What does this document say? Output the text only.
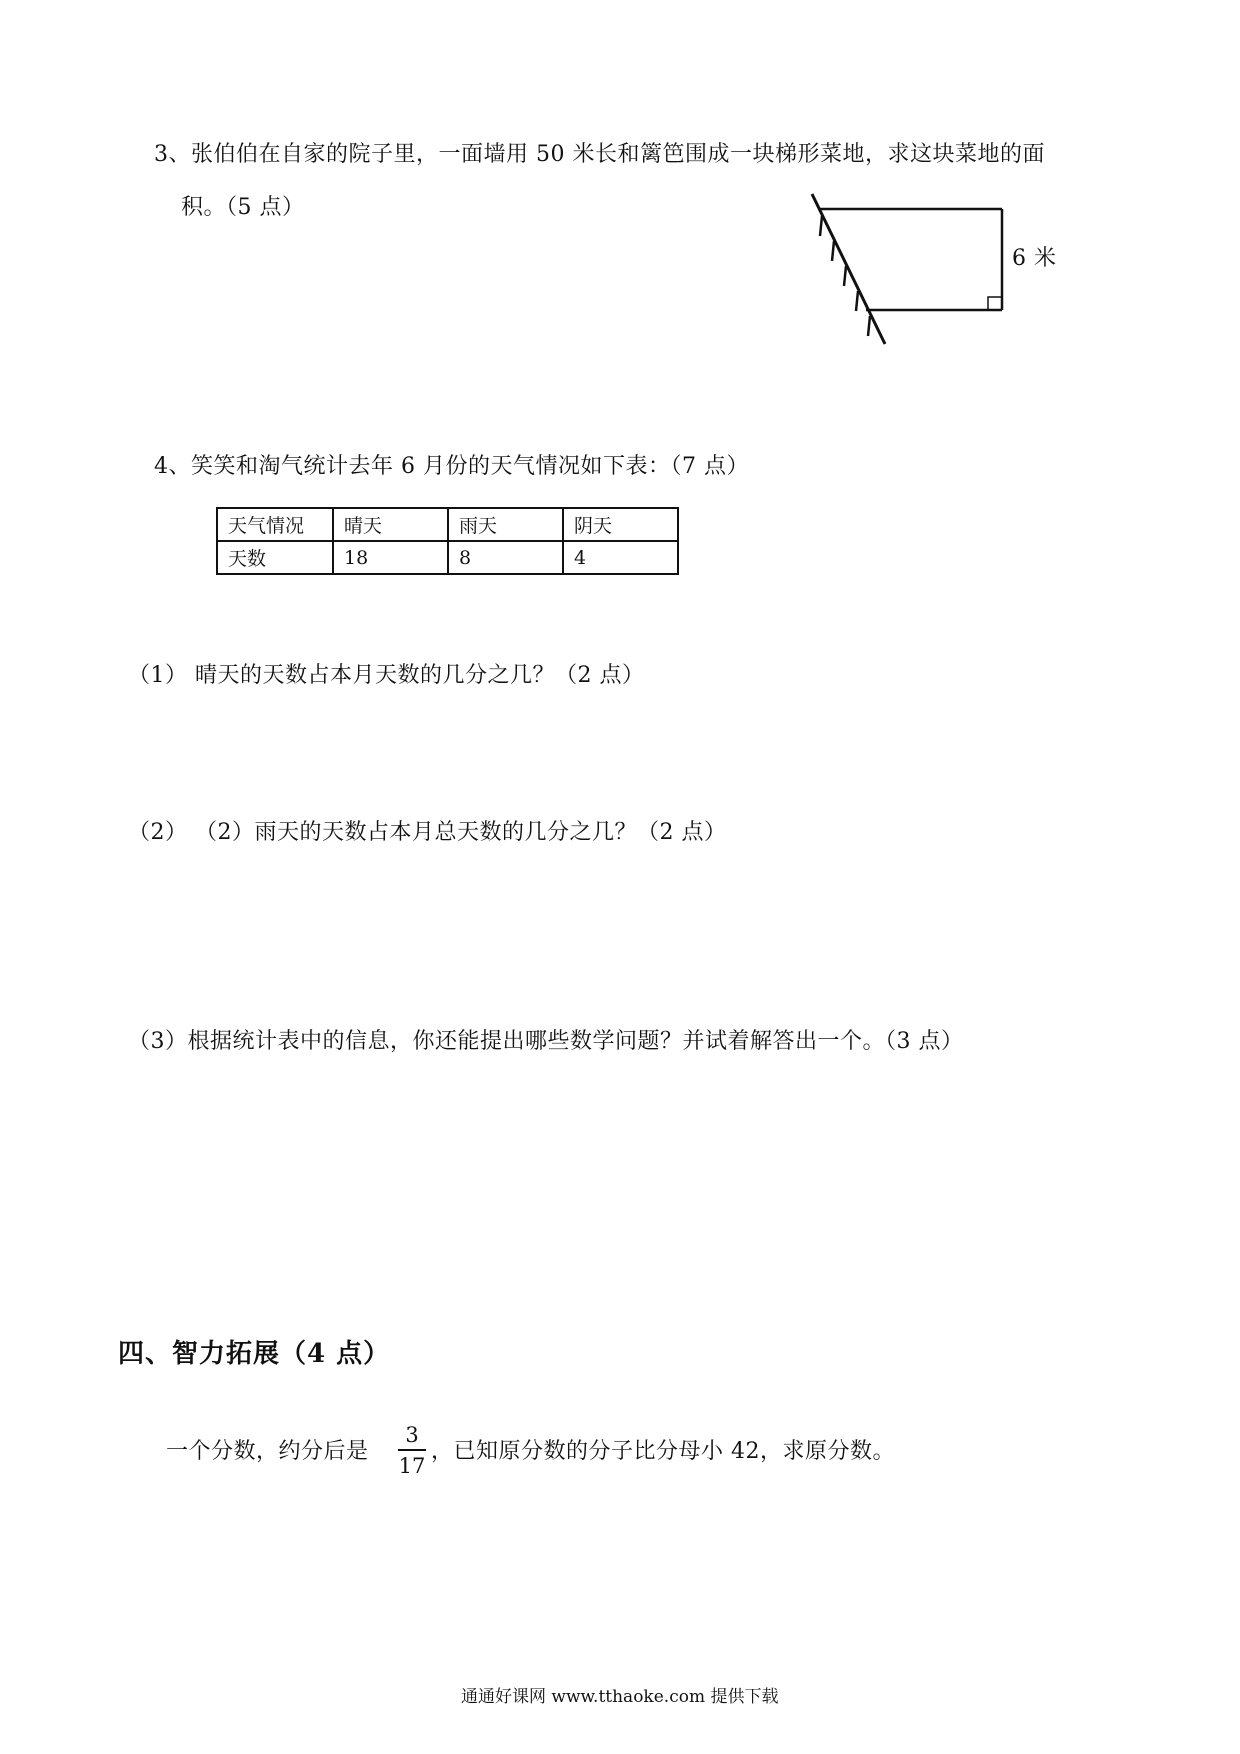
3、张伯伯在自家的院子里，一面墙用 50 米长和篱笆围成一块梯形菜地，求这块菜地的面
积。（5 点）
6 米
4、笑笑和淘气统计去年 6 月份的天气情况如下表：（7 点）
天气情况	晴天	雨天	阴天
天数	18	8	4
（1） 晴天的天数占本月天数的几分之几？（2 点）
（2） （2）雨天的天数占本月总天数的几分之几？（2 点）
（3）根据统计表中的信息，你还能提出哪些数学问题？并试着解答出一个。（3 点）
四、智力拓展（4 点）
一个分数，约分后是
3
17
，已知原分数的分子比分母小 42，求原分数。
通通好课网 www.tthaoke.com 提供下载
